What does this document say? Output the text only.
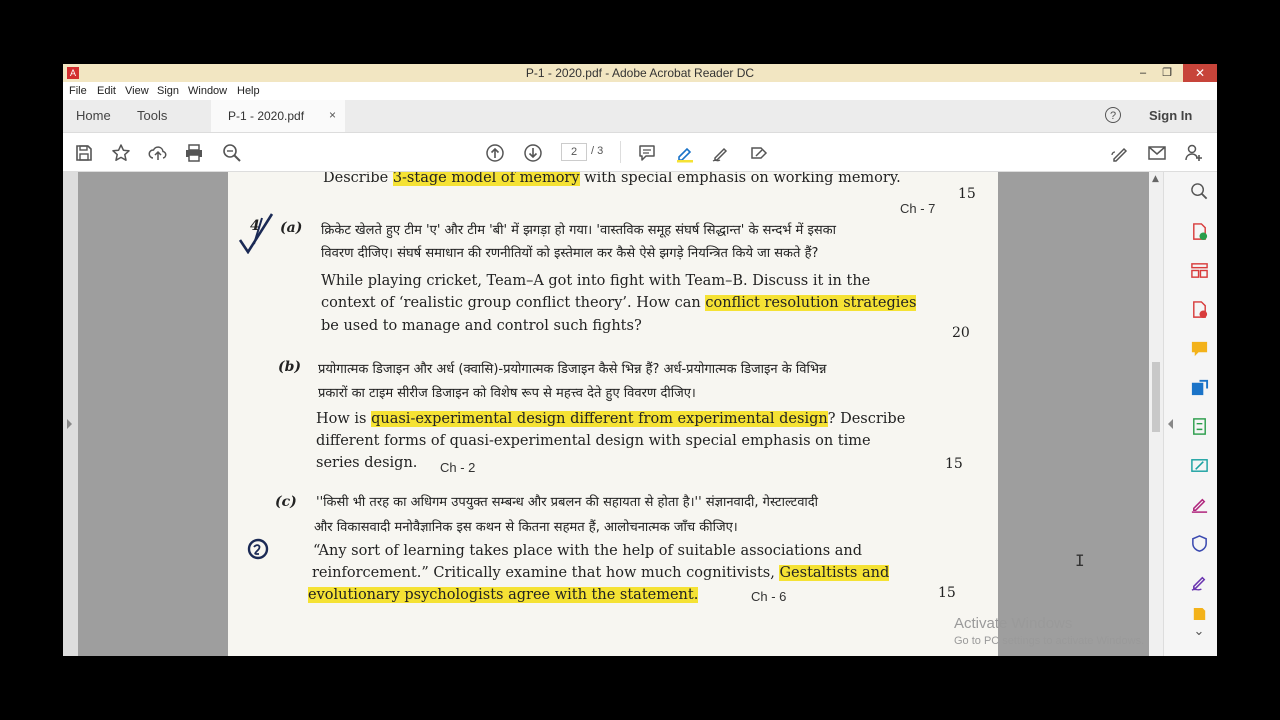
A	P-1 - 2020.pdf - Adobe Acrobat Reader DC	–	❐	✕
File Edit View Sign Window Help
Home Tools	P-1 - 2020.pdf ×	?	Sign In
2	/ 3
Describe 3-stage model of memory with special emphasis on working memory.
15
Ch - 7
4 (a) क्रिकेट खेलते हुए टीम 'ए' और टीम 'बी' में झगड़ा हो गया। 'वास्तविक समूह संघर्ष सिद्धान्त' के सन्दर्भ में इसका
विवरण दीजिए। संघर्ष समाधान की रणनीतियों को इस्तेमाल कर कैसे ऐसे झगड़े नियन्त्रित किये जा सकते हैं?
While playing cricket, Team–A got into fight with Team–B. Discuss it in the
context of ‘realistic group conflict theory’. How can conflict resolution strategies
be used to manage and control such fights?	20
(b) प्रयोगात्मक डिजाइन और अर्ध (क्वासि)-प्रयोगात्मक डिजाइन कैसे भिन्न हैं? अर्ध-प्रयोगात्मक डिजाइन के विभिन्न
प्रकारों का टाइम सीरीज डिजाइन को विशेष रूप से महत्त्व देते हुए विवरण दीजिए।
How is quasi-experimental design different from experimental design? Describe
different forms of quasi-experimental design with special emphasis on time
series design. Ch - 2	15
(c) ''किसी भी तरह का अधिगम उपयुक्त सम्बन्ध और प्रबलन की सहायता से होता है।'' संज्ञानवादी, गेस्टाल्टवादी
और विकासवादी मनोवैज्ञानिक इस कथन से कितना सहमत हैं, आलोचनात्मक जाँच कीजिए।
“Any sort of learning takes place with the help of suitable associations and
reinforcement.” Critically examine that how much cognitivists, Gestaltists and
evolutionary psychologists agree with the statement.	Ch - 6	15
▲
⌄
Activate Windows
Go to PC settings to activate Windows.
I
